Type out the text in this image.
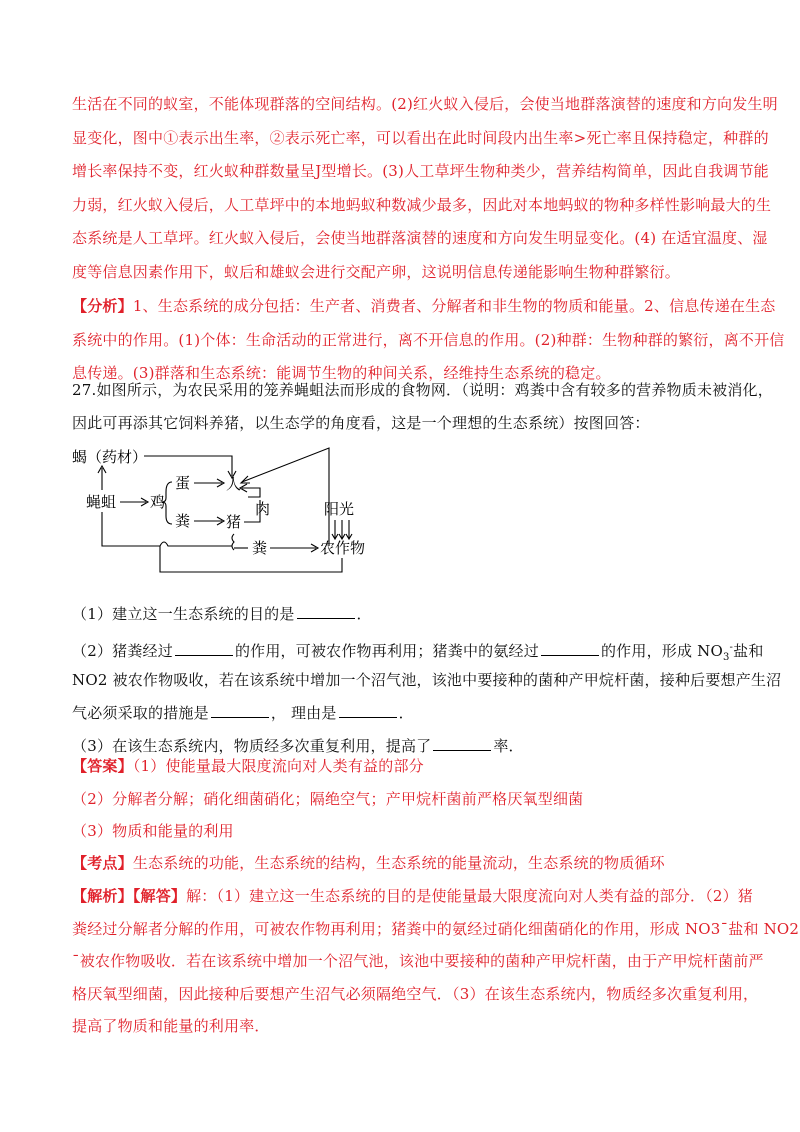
生活在不同的蚁室，不能体现群落的空间结构。(2)红火蚁入侵后，会使当地群落演替的速度和方向发生明
显变化，图中①表示出生率，②表示死亡率，可以看出在此时间段内出生率>死亡率且保持稳定，种群的
增长率保持不变，红火蚁种群数量呈J型增长。(3)人工草坪生物种类少，营养结构简单，因此自我调节能
力弱，红火蚁入侵后，人工草坪中的本地蚂蚁种数减少最多，因此对本地蚂蚁的物种多样性影响最大的生
态系统是人工草坪。红火蚁入侵后，会使当地群落演替的速度和方向发生明显变化。(4) 在适宜温度、湿
度等信息因素作用下，蚁后和雄蚁会进行交配产卵，这说明信息传递能影响生物种群繁衍。
【分析】1、生态系统的成分包括：生产者、消费者、分解者和非生物的物质和能量。2、信息传递在生态
系统中的作用。(1)个体：生命活动的正常进行，离不开信息的作用。(2)种群：生物种群的繁衍，离不开信
息传递。(3)群落和生态系统：能调节生物的种间关系，经维持生态系统的稳定。
27.如图所示，为农民采用的笼养蝇蛆法而形成的食物网．（说明：鸡粪中含有较多的营养物质未被消化，
因此可再添其它饲料养猪，以生态学的角度看，这是一个理想的生态系统）按图回答：
蝎（药材）
蝇蛆 鸡
蛋 人
粪 猪
肉	阳光
粪	农作物
（1）建立这一生态系统的目的是	．
（2）猪粪经过	的作用，可被农作物再利用；猪粪中的氨经过	的作用，形成 $NO_3^-$盐和
NO2 被农作物吸收，若在该系统中增加一个沼气池，该池中要接种的菌种产甲烷杆菌，接种后要想产生沼
气必须采取的措施是	， 理由是	．
（3）在该生态系统内，物质经多次重复利用，提高了	率．
【答案】（1）使能量最大限度流向对人类有益的部分
（2）分解者分解；硝化细菌硝化；隔绝空气；产甲烷杆菌前严格厌氧型细菌
（3）物质和能量的利用
【考点】生态系统的功能，生态系统的结构，生态系统的能量流动，生态系统的物质循环
【解析】【解答】解：（1）建立这一生态系统的目的是使能量最大限度流向对人类有益的部分．（2）猪
粪经过分解者分解的作用，可被农作物再利用；猪粪中的氨经过硝化细菌硝化的作用，形成 NO3ˉ盐和 NO2
ˉ被农作物吸收．若在该系统中增加一个沼气池，该池中要接种的菌种产甲烷杆菌，由于产甲烷杆菌前严
格厌氧型细菌，因此接种后要想产生沼气必须隔绝空气．（3）在该生态系统内，物质经多次重复利用，
提高了物质和能量的利用率．
